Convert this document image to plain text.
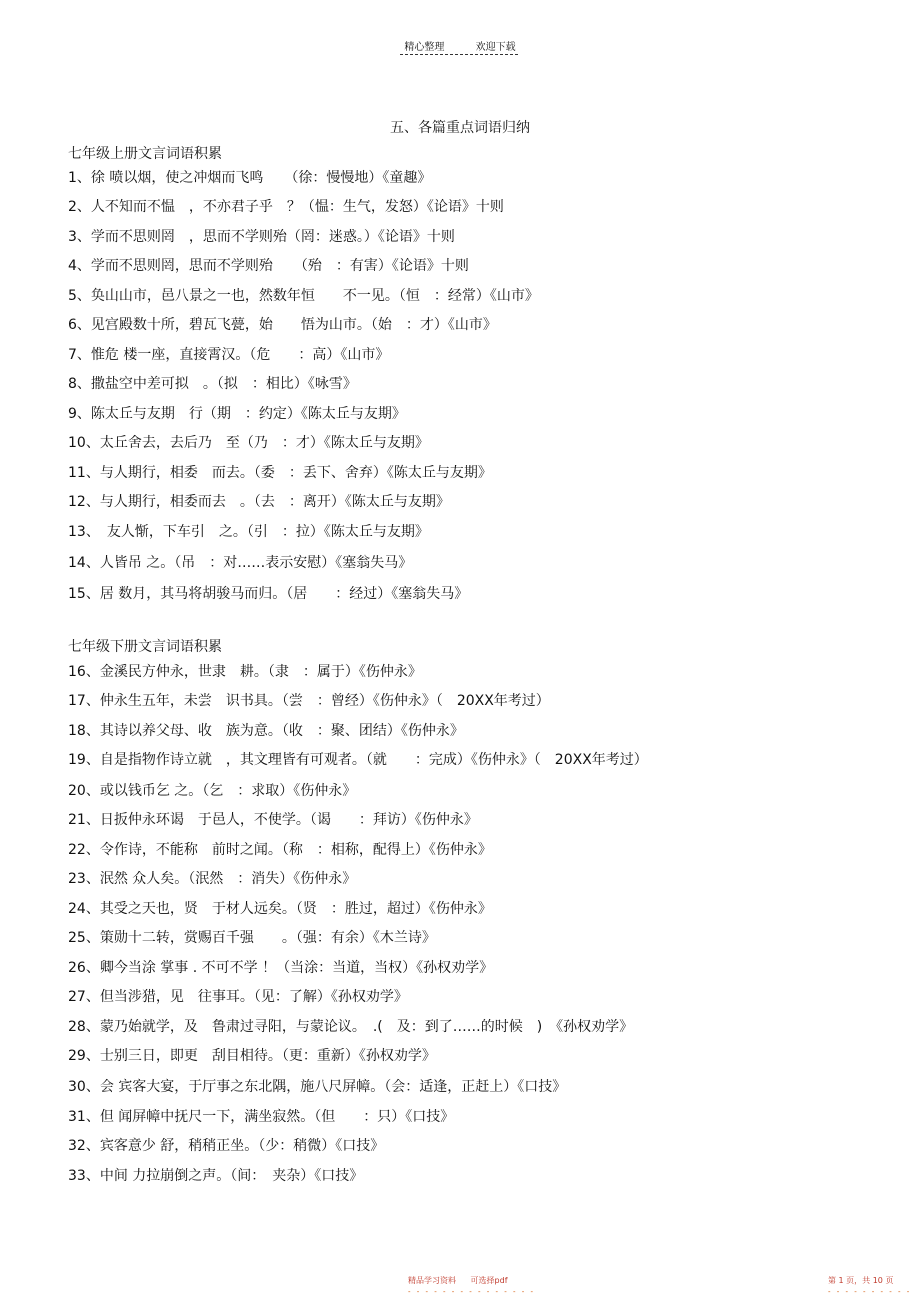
精心整理	欢迎下载
五、各篇重点词语归纳
七年级上册文言词语积累
1、徐 喷以烟，使之冲烟而飞鸣　　（徐：慢慢地）《童趣》
2、人不知而不愠　，不亦君子乎　？（愠：生气，发怒）《论语》十则
3、学而不思则罔　，思而不学则殆（罔：迷惑。）《论语》十则
4、学而不思则罔，思而不学则殆　　（殆　：有害）《论语》十则
5、奂山山市，邑八景之一也，然数年恒　　不一见。（恒　：经常）《山市》
6、见宫殿数十所，碧瓦飞甍，始　　悟为山市。（始　：才）《山市》
7、惟危 楼一座，直接霄汉。（危　　：高）《山市》
8、撒盐空中差可拟　。（拟　：相比）《咏雪》
9、陈太丘与友期　行（期　：约定）《陈太丘与友期》
10、太丘舍去，去后乃　至（乃　：才）《陈太丘与友期》
11、与人期行，相委　而去。（委　：丢下、舍弃）《陈太丘与友期》
12、与人期行，相委而去　。（去　：离开）《陈太丘与友期》
13、　友人惭，下车引　之。（引　：拉）《陈太丘与友期》
14、人皆吊 之。（吊　：对……表示安慰）《塞翁失马》
15、居 数月，其马将胡骏马而归。（居　　：经过）《塞翁失马》
七年级下册文言词语积累
16、金溪民方仲永，世隶　耕。（隶　：属于）《伤仲永》
17、仲永生五年，未尝　识书具。（尝　：曾经）《伤仲永》（　20XX年考过）
18、其诗以养父母、收　族为意。（收　：聚、团结）《伤仲永》
19、自是指物作诗立就　，其文理皆有可观者。（就　　：完成）《伤仲永》（　20XX年考过）
20、或以钱币乞 之。（乞　：求取）《伤仲永》
21、日扳仲永环谒　于邑人，不使学。（谒　　：拜访）《伤仲永》
22、令作诗，不能称　前时之闻。（称　：相称，配得上）《伤仲永》
23、泯然 众人矣。（泯然　：消失）《伤仲永》
24、其受之天也，贤　于材人远矣。（贤　：胜过，超过）《伤仲永》
25、策勋十二转，赏赐百千强　　。（强：有余）《木兰诗》
26、卿今当涂 掌事 . 不可不学 ！（当涂：当道，当权）《孙权劝学》
27、但当涉猎，见　往事耳。（见：了解）《孙权劝学》
28、蒙乃始就学，及　鲁肃过寻阳，与蒙论议。　.(　及：到了……的时候　)　《孙权劝学》
29、士别三日，即更　刮目相待。（更：重新）《孙权劝学》
30、会 宾客大宴，于厅事之东北隅，施八尺屏幛。（会：适逢，正赶上）《口技》
31、但 闻屏幛中抚尺一下，满坐寂然。（但　　：只）《口技》
32、宾客意少 舒，稍稍正坐。（少：稍微）《口技》
33、中间 力拉崩倒之声。（间：　夹杂）《口技》
精品学习资料 可选择pdf	第 1 页，共 10 页
- - - - - - - - - - - - - - -	- - - - - - - - - -
